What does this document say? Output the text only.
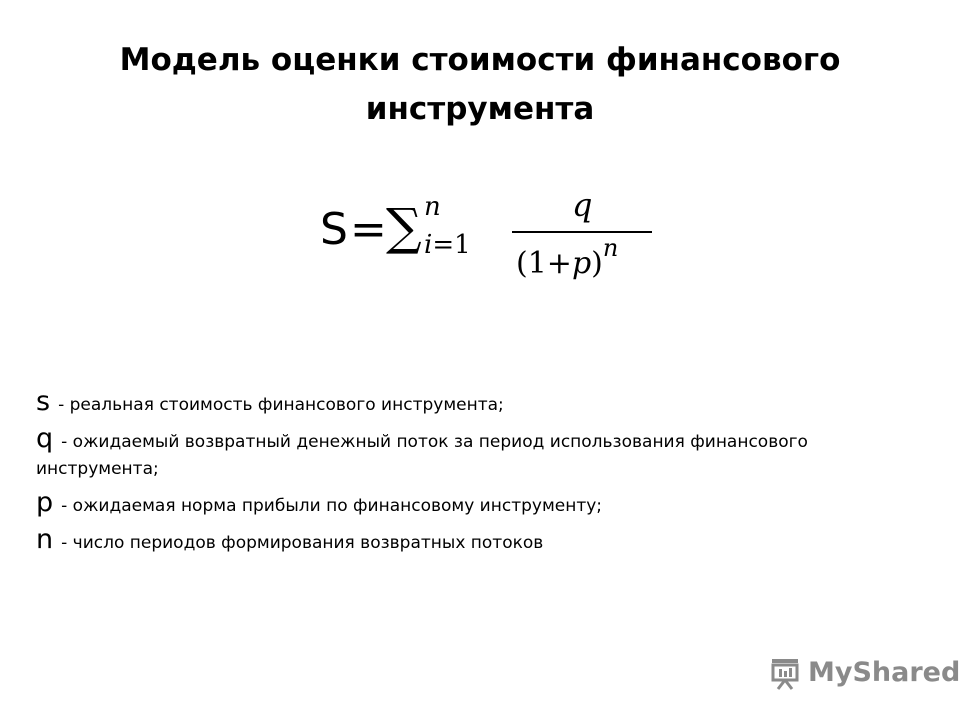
Модель оценки стоимости финансового инструмента
S = ∑ n
i=1
q
$(1+p)^n$
s - реальная стоимость финансового инструмента;
q - ожидаемый возвратный денежный поток за период использования финансового инструмента;
p - ожидаемая норма прибыли по финансовому инструменту;
n - число периодов формирования возвратных потоков
MyShared
